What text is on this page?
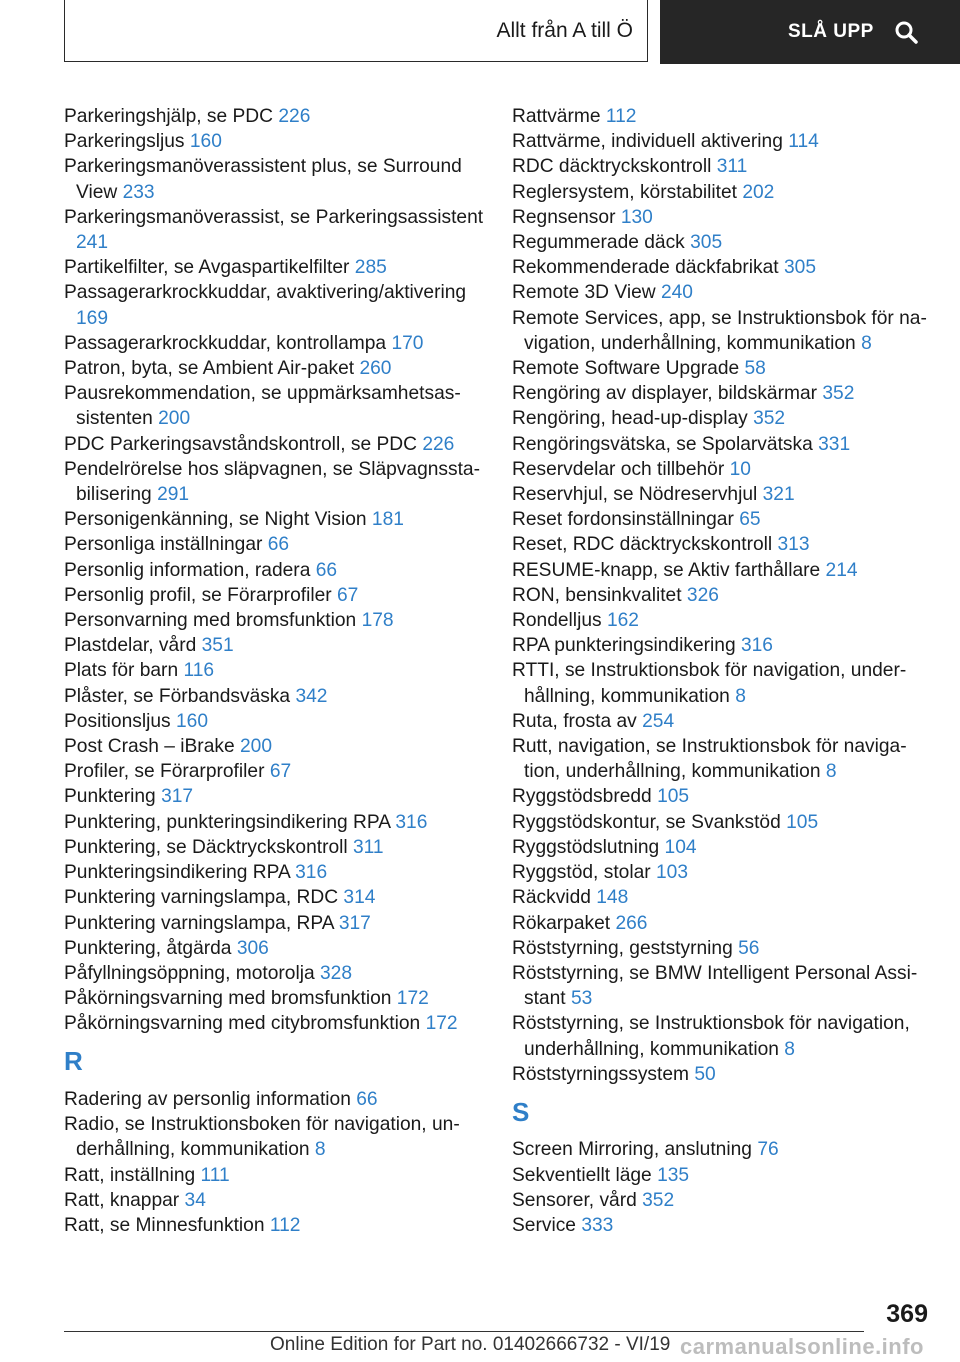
Allt från A till Ö	SLÅ UPP
Parkeringshjälp, se PDC 226
Parkeringsljus 160
Parkeringsmanöverassistent plus, se Surround View 233
Parkeringsmanöverassist, se Parkeringsassistent 241
Partikelfilter, se Avgaspartikelfilter 285
Passagerarkrockkuddar, avaktivering/aktivering 169
Passagerarkrockkuddar, kontrollampa 170
Patron, byta, se Ambient Air-paket 260
Pausrekommendation, se uppmärksamhetsassistenten 200
PDC Parkeringsavståndskontroll, se PDC 226
Pendelrörelse hos släpvagnen, se Släpvagnsstabilisering 291
Personigenkänning, se Night Vision 181
Personliga inställningar 66
Personlig information, radera 66
Personlig profil, se Förarprofiler 67
Personvarning med bromsfunktion 178
Plastdelar, vård 351
Plats för barn 116
Plåster, se Förbandsväska 342
Positionsljus 160
Post Crash – iBrake 200
Profiler, se Förarprofiler 67
Punktering 317
Punktering, punkteringsindikering RPA 316
Punktering, se Däcktryckskontroll 311
Punkteringsindikering RPA 316
Punktering varningslampa, RDC 314
Punktering varningslampa, RPA 317
Punktering, åtgärda 306
Påfyllningsöppning, motorolja 328
Påkörningsvarning med bromsfunktion 172
Påkörningsvarning med citybromsfunktion 172
R
Radering av personlig information 66
Radio, se Instruktionsboken för navigation, underhållning, kommunikation 8
Ratt, inställning 111
Ratt, knappar 34
Ratt, se Minnesfunktion 112
Rattvärme 112
Rattvärme, individuell aktivering 114
RDC däcktryckskontroll 311
Reglersystem, körstabilitet 202
Regnsensor 130
Regummerade däck 305
Rekommenderade däckfabrikat 305
Remote 3D View 240
Remote Services, app, se Instruktionsbok för navigation, underhållning, kommunikation 8
Remote Software Upgrade 58
Rengöring av displayer, bildskärmar 352
Rengöring, head-up-display 352
Rengöringsvätska, se Spolarvätska 331
Reservdelar och tillbehör 10
Reservhjul, se Nödreservhjul 321
Reset fordonsinställningar 65
Reset, RDC däcktryckskontroll 313
RESUME-knapp, se Aktiv farthållare 214
RON, bensinkvalitet 326
Rondelljus 162
RPA punkteringsindikering 316
RTTI, se Instruktionsbok för navigation, underhållning, kommunikation 8
Ruta, frosta av 254
Rutt, navigation, se Instruktionsbok för navigation, underhållning, kommunikation 8
Ryggstödsbredd 105
Ryggstödskontur, se Svankstöd 105
Ryggstödslutning 104
Ryggstöd, stolar 103
Räckvidd 148
Rökarpaket 266
Röststyrning, geststyrning 56
Röststyrning, se BMW Intelligent Personal Assistant 53
Röststyrning, se Instruktionsbok för navigation, underhållning, kommunikation 8
Röststyrningssystem 50
S
Screen Mirroring, anslutning 76
Sekventiellt läge 135
Sensorer, vård 352
Service 333
369
Online Edition for Part no. 01402666732 - VI/19 carmanualsonline.info
